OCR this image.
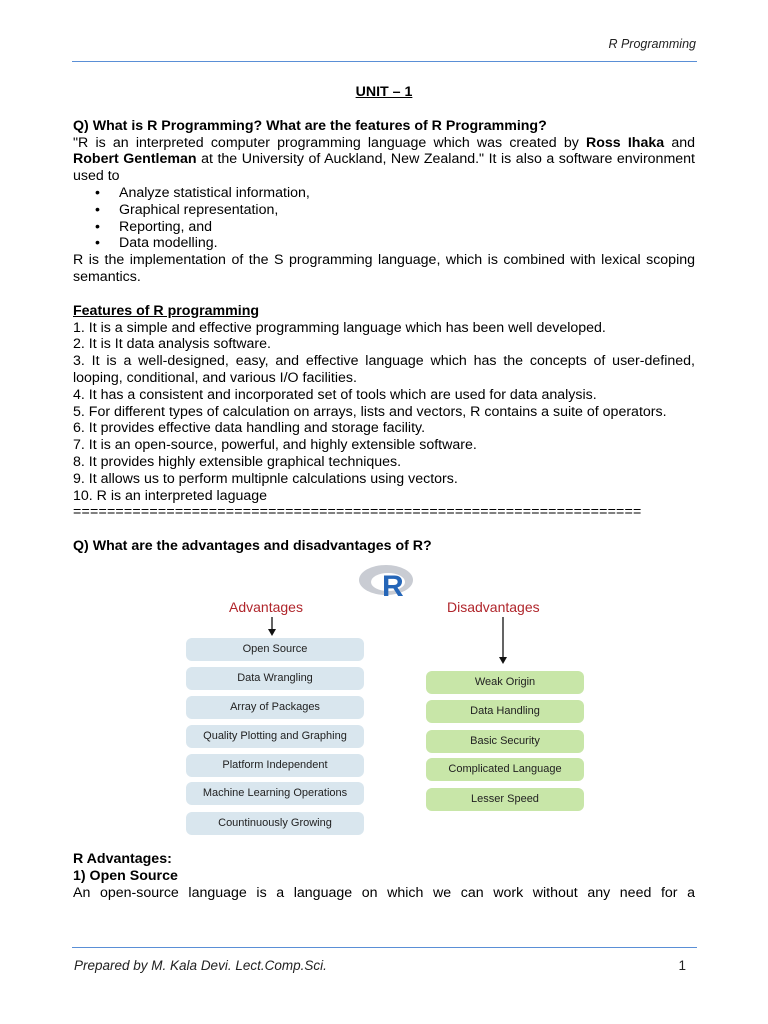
R Programming
UNIT – 1
Q) What is R Programming? What are the features of R Programming?
"R is an interpreted computer programming language which was created by Ross Ihaka and Robert Gentleman at the University of Auckland, New Zealand." It is also a software environment used to
• Analyze statistical information,
• Graphical representation,
• Reporting, and
• Data modelling.
R is the implementation of the S programming language, which is combined with lexical scoping semantics.
Features of R programming
1. It is a simple and effective programming language which has been well developed.
2. It is It data analysis software.
3. It is a well-designed, easy, and effective language which has the concepts of user-defined, looping, conditional, and various I/O facilities.
4. It has a consistent and incorporated set of tools which are used for data analysis.
5. For different types of calculation on arrays, lists and vectors, R contains a suite of operators.
6. It provides effective data handling and storage facility.
7. It is an open-source, powerful, and highly extensible software.
8. It provides highly extensible graphical techniques.
9. It allows us to perform multipnle calculations using vectors.
10. R is an interpreted laguage
===================================================================
Q) What are the advantages and disadvantages of R?
R
Advantages	Disadvantages
Open Source
Data Wrangling
Array of Packages
Quality Plotting and Graphing
Platform Independent
Machine Learning Operations
Countinuously Growing
Weak Origin
Data Handling
Basic Security
Complicated Language
Lesser Speed
R Advantages:
1) Open Source
An open-source language is a language on which we can work without any need for a
Prepared by M. Kala Devi. Lect.Comp.Sci.	1
